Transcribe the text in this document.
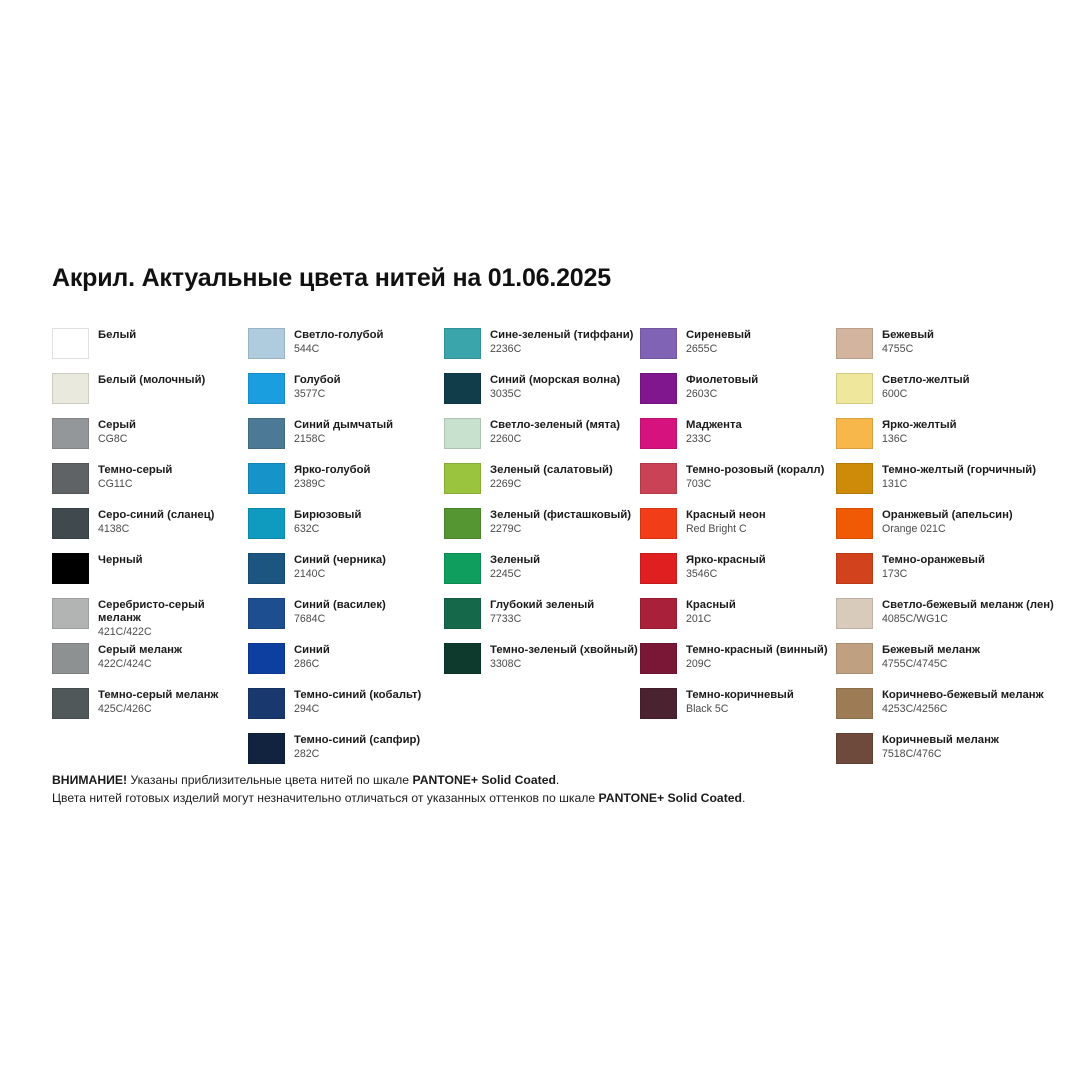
Акрил. Актуальные цвета нитей на 01.06.2025
Белый
Белый (молочный)
Серый
CG8C
Темно-серый
CG11C
Серо-синий (сланец)
4138C
Черный
Серебристо-серый меланж
421C/422C
Серый меланж
422C/424C
Темно-серый меланж
425C/426C
Светло-голубой
544C
Голубой
3577C
Синий дымчатый
2158C
Ярко-голубой
2389C
Бирюзовый
632C
Синий (черника)
2140C
Синий (василек)
7684C
Синий
286C
Темно-синий (кобальт)
294C
Темно-синий (сапфир)
282C
Сине-зеленый (тиффани)
2236C
Синий (морская волна)
3035C
Светло-зеленый (мята)
2260C
Зеленый (салатовый)
2269C
Зеленый (фисташковый)
2279C
Зеленый
2245C
Глубокий зеленый
7733C
Темно-зеленый (хвойный)
3308C
Сиреневый
2655C
Фиолетовый
2603C
Маджента
233C
Темно-розовый (коралл)
703C
Красный неон
Red Bright C
Ярко-красный
3546C
Красный
201C
Темно-красный (винный)
209C
Темно-коричневый
Black 5C
Бежевый
4755C
Светло-желтый
600C
Ярко-желтый
136C
Темно-желтый (горчичный)
131C
Оранжевый (апельсин)
Orange 021C
Темно-оранжевый
173C
Светло-бежевый меланж (лен)
4085C/WG1C
Бежевый меланж
4755C/4745C
Коричнево-бежевый меланж
4253C/4256C
Коричневый меланж
7518C/476C
ВНИМАНИЕ! Указаны приблизительные цвета нитей по шкале PANTONE+ Solid Coated.
Цвета нитей готовых изделий могут незначительно отличаться от указанных оттенков по шкале PANTONE+ Solid Coated.
